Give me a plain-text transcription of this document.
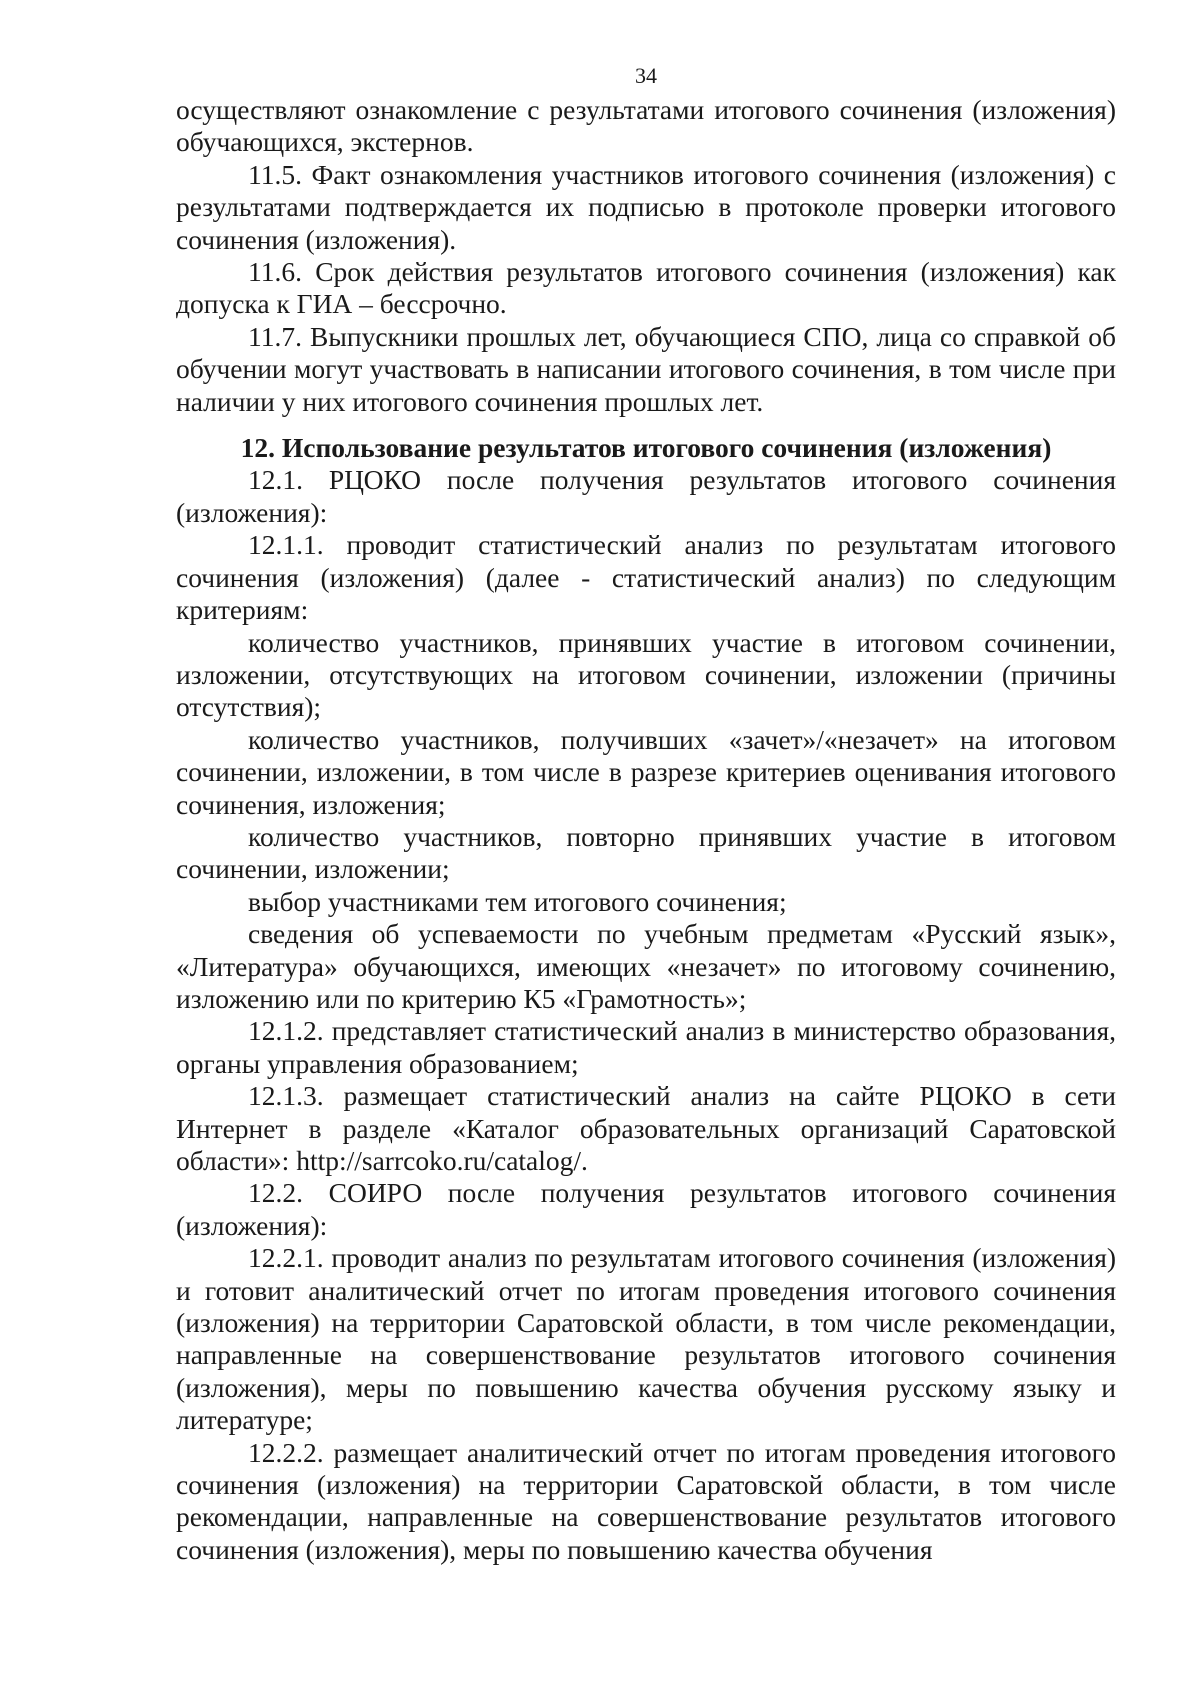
34

осуществляют ознакомление с результатами итогового сочинения (изложения) обучающихся, экстернов.

11.5. Факт ознакомления участников итогового сочинения (изложения) с результатами подтверждается их подписью в протоколе проверки итогового сочинения (изложения).

11.6. Срок действия результатов итогового сочинения (изложения) как допуска к ГИА – бессрочно.

11.7. Выпускники прошлых лет, обучающиеся СПО, лица со справкой об обучении могут участвовать в написании итогового сочинения, в том числе при наличии у них итогового сочинения прошлых лет.

12. Использование результатов итогового сочинения (изложения)

12.1. РЦОКО после получения результатов итогового сочинения (изложения):

12.1.1. проводит статистический анализ по результатам итогового сочинения (изложения) (далее - статистический анализ) по следующим критериям:

количество участников, принявших участие в итоговом сочинении, изложении, отсутствующих на итоговом сочинении, изложении (причины отсутствия);

количество участников, получивших «зачет»/«незачет» на итоговом сочинении, изложении, в том числе в разрезе критериев оценивания итогового сочинения, изложения;

количество участников, повторно принявших участие в итоговом сочинении, изложении;

выбор участниками тем итогового сочинения;

сведения об успеваемости по учебным предметам «Русский язык», «Литература» обучающихся, имеющих «незачет» по итоговому сочинению, изложению или по критерию К5 «Грамотность»;

12.1.2. представляет статистический анализ в министерство образования, органы управления образованием;

12.1.3. размещает статистический анализ на сайте РЦОКО в сети Интернет в разделе «Каталог образовательных организаций Саратовской области»: http://sarrcoko.ru/catalog/.

12.2. СОИРО после получения результатов итогового сочинения (изложения):

12.2.1. проводит анализ по результатам итогового сочинения (изложения) и готовит аналитический отчет по итогам проведения итогового сочинения (изложения) на территории Саратовской области, в том числе рекомендации, направленные на совершенствование результатов итогового сочинения (изложения), меры по повышению качества обучения русскому языку и литературе;

12.2.2. размещает аналитический отчет по итогам проведения итогового сочинения (изложения) на территории Саратовской области, в том числе рекомендации, направленные на совершенствование результатов итогового сочинения (изложения), меры по повышению качества обучения
